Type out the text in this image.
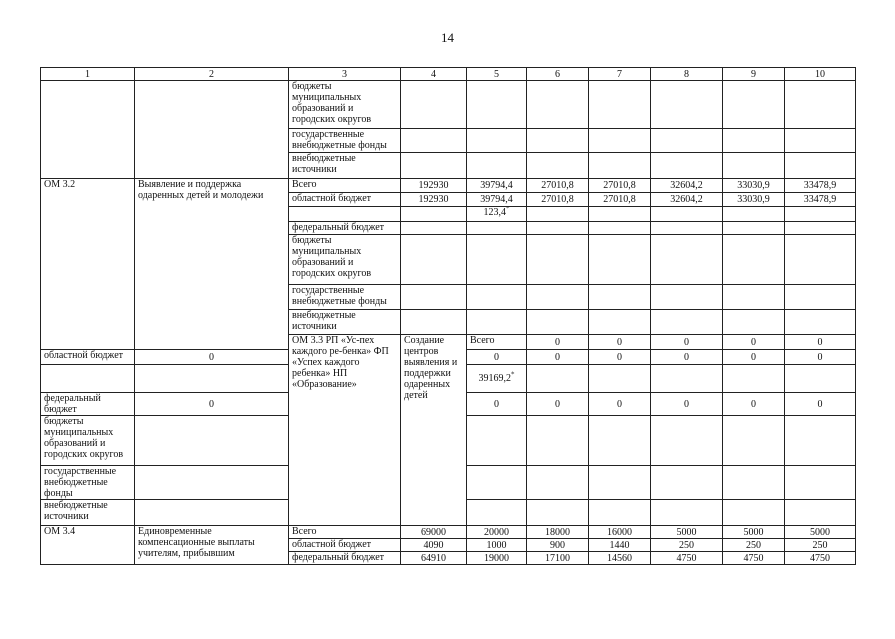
14
1	2	3	4	5	6	7	8	9	10	
		бюджеты муниципальных образований и городских округов								
		государственные внебюджетные фонды								
		внебюджетные источники								
ОМ 3.2	Выявление и поддержка одаренных детей и молодежи	Всего	192930	39794,4	27010,8	27010,8	32604,2	33030,9	33478,9	
		областной бюджет	192930	39794,4	27010,8	27010,8	32604,2	33030,9	33478,9	
				123,4*					
		федеральный бюджет								
		бюджеты муниципальных образований и городских округов								
		государственные внебюджетные фонды								
		внебюджетные источники								
		ОМ 3.3 РП «Ус-пех каждого ре-бенка» ФП «Успех каждого ребенка» НП «Образование»	Создание центров выявления и поддержки одаренных детей	Всего	0	0	0	0	0		
областной бюджет	0			0	0	0	0	0	0	
				39169,2*					
федеральный бюджет	0			0	0	0	0	0	0	
бюджеты муниципальных образований и городских округов										
государственные внебюджетные фонды										
внебюджетные источники										
ОМ 3.4	Единовременные компенсационные выплаты учителям, прибывшим	Всего	69000	20000	18000	16000	5000	5000	5000	
		областной бюджет	4090	1000	900	1440	250	250	250	
		федеральный бюджет	64910	19000	17100	14560	4750	4750	4750	
